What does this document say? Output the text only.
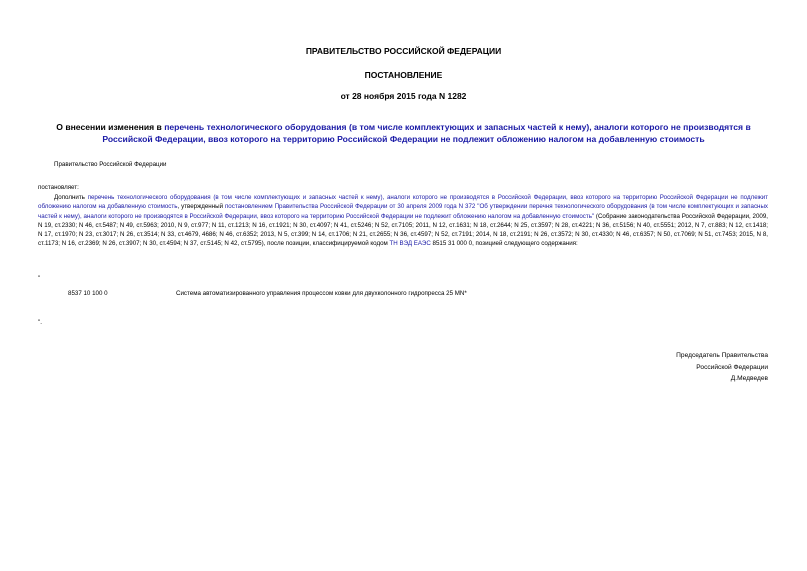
ПРАВИТЕЛЬСТВО РОССИЙСКОЙ ФЕДЕРАЦИИ
ПОСТАНОВЛЕНИЕ
от 28 ноября 2015 года N 1282
О внесении изменения в перечень технологического оборудования (в том числе комплектующих и запасных частей к нему), аналоги которого не производятся в Российской Федерации, ввоз которого на территорию Российской Федерации не подлежит обложению налогом на добавленную стоимость
Правительство Российской Федерации
постановляет:
Дополнить перечень технологического оборудования (в том числе комплектующих и запасных частей к нему), аналоги которого не производятся в Российской Федерации, ввоз которого на территорию Российской Федерации не подлежит обложению налогом на добавленную стоимость, утвержденный постановлением Правительства Российской Федерации от 30 апреля 2009 года N 372 "Об утверждении перечня технологического оборудования (в том числе комплектующих и запасных частей к нему), аналоги которого не производятся в Российской Федерации, ввоз которого на территорию Российской Федерации не подлежит обложению налогом на добавленную стоимость" (Собрание законодательства Российской Федерации, 2009, N 19, ст.2330; N 46, ст.5487; N 49, ст.5963; 2010, N 9, ст.977; N 11, ст.1213; N 16, ст.1921; N 30, ст.4097; N 41, ст.5246; N 52, ст.7105; 2011, N 12, ст.1631; N 18, ст.2644; N 25, ст.3597; N 28, ст.4221; N 36, ст.5156; N 40, ст.5551; 2012, N 7, ст.883; N 12, ст.1418; N 17, ст.1970; N 23, ст.3017; N 26, ст.3514; N 33, ст.4679, 4686; N 46, ст.6352; 2013, N 5, ст.399; N 14, ст.1706; N 21, ст.2655; N 36, ст.4597; N 52, ст.7191; 2014, N 18, ст.2191; N 26, ст.3572; N 30, ст.4330; N 46, ст.6357; N 50, ст.7069; N 51, ст.7453; 2015, N 8, ст.1173; N 16, ст.2369; N 26, ст.3907; N 30, ст.4594; N 37, ст.5145; N 42, ст.5795), после позиции, классифицируемой кодом ТН ВЭД ЕАЭС 8515 31 000 0, позицией следующего содержания:
"
8537 10 100 0	Система автоматизированного управления процессом ковки для двухколонного гидропресса 25 MN*
".
Председатель Правительства
Российской Федерации
Д.Медведев
